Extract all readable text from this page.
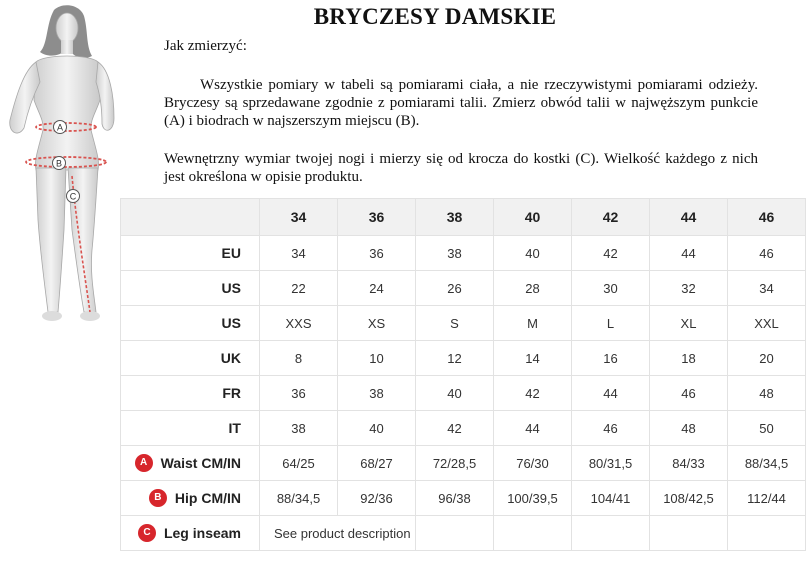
A
B
C
BRYCZESY DAMSKIE
Jak zmierzyć:
Wszystkie pomiary w tabeli są pomiarami ciała, a nie rzeczywistymi pomiarami odzieży. Bryczesy są sprzedawane zgodnie z pomiarami talii. Zmierz obwód talii w najwęższym punkcie (A) i biodrach w najszerszym miejscu (B).
Wewnętrzny wymiar twojej nogi i mierzy się od krocza do kostki (C). Wielkość każdego z nich jest określona w opisie produktu.
	34	36	38	40	42	44	46
EU	34	36	38	40	42	44	46
US	22	24	26	28	30	32	34
US	XXS	XS	S	M	L	XL	XXL
UK	8	10	12	14	16	18	20
FR	36	38	40	42	44	46	48
IT	38	40	42	44	46	48	50

A Waist CM/IN	64/25	68/27	72/28,5	76/30	80/31,5	84/33	88/34,5

B Hip CM/IN	88/34,5	92/36	96/38	100/39,5	104/41	108/42,5	112/44

C Leg inseam	See product description						
